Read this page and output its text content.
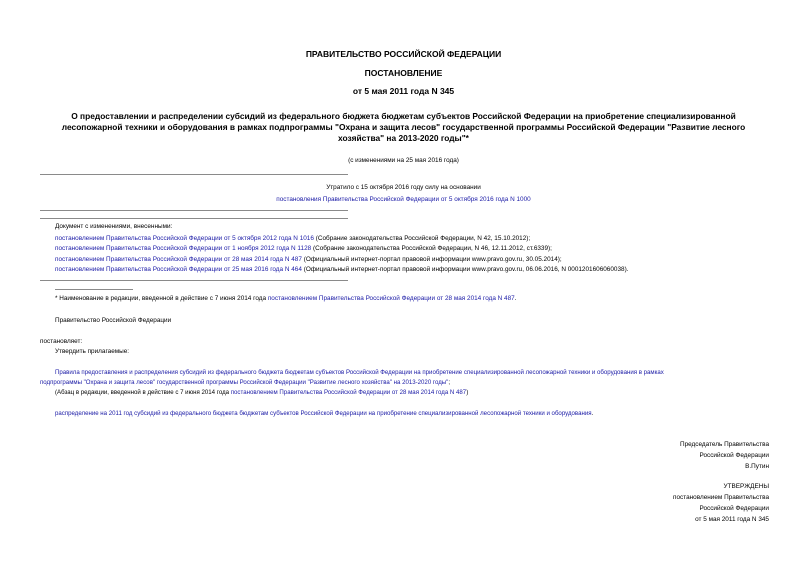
ПРАВИТЕЛЬСТВО РОССИЙСКОЙ ФЕДЕРАЦИИ
ПОСТАНОВЛЕНИЕ
от 5 мая 2011 года N 345
О предоставлении и распределении субсидий из федерального бюджета бюджетам субъектов Российской Федерации на приобретение специализированной
лесопожарной техники и оборудования в рамках подпрограммы "Охрана и защита лесов" государственной программы Российской Федерации "Развитие лесного
хозяйства" на 2013-2020 годы"*
(с изменениями на 25 мая 2016 года)
Утратило с 15 октября 2016 году силу на основании
постановления Правительства Российской Федерации от 5 октября 2016 года N 1000
Документ с изменениями, внесенными:
постановлением Правительства Российской Федерации от 5 октября 2012 года N 1016 (Собрание законодательства Российской Федерации, N 42, 15.10.2012);
постановлением Правительства Российской Федерации от 1 ноября 2012 года N 1128 (Собрание законодательства Российской Федерации, N 46, 12.11.2012, ст.6339);
постановлением Правительства Российской Федерации от 28 мая 2014 года N 487 (Официальный интернет-портал правовой информации www.pravo.gov.ru, 30.05.2014);
постановлением Правительства Российской Федерации от 25 мая 2016 года N 464 (Официальный интернет-портал правовой информации www.pravo.gov.ru, 06.06.2016, N 0001201606060038).
* Наименование в редакции, введенной в действие с 7 июня 2014 года постановлением Правительства Российской Федерации от 28 мая 2014 года N 487.
Правительство Российской Федерации
постановляет:
Утвердить прилагаемые:
Правила предоставления и распределения субсидий из федерального бюджета бюджетам субъектов Российской Федерации на приобретение специализированной лесопожарной техники и оборудования в рамках
подпрограммы "Охрана и защита лесов" государственной программы Российской Федерации "Развитие лесного хозяйства" на 2013-2020 годы";
(Абзац в редакции, введенной в действие с 7 июня 2014 года постановлением Правительства Российской Федерации от 28 мая 2014 года N 487)
распределение на 2011 год субсидий из федерального бюджета бюджетам субъектов Российской Федерации на приобретение специализированной лесопожарной техники и оборудования.
Председатель Правительства
Российской Федерации
В.Путин
УТВЕРЖДЕНЫ
постановлением Правительства
Российской Федерации
от 5 мая 2011 года N 345
